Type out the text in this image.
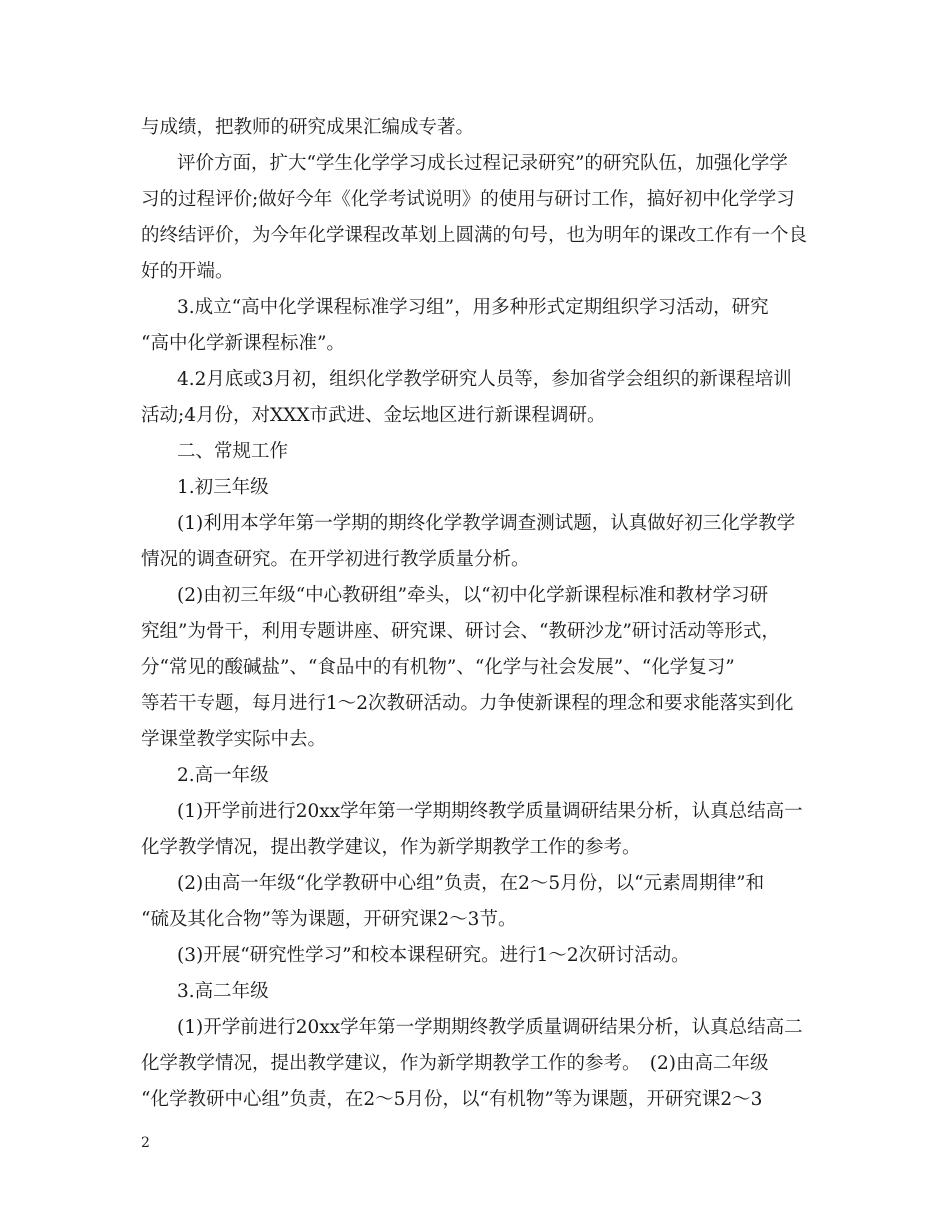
与成绩，把教师的研究成果汇编成专著。
评价方面，扩大“学生化学学习成长过程记录研究”的研究队伍，加强化学学
习的过程评价;做好今年《化学考试说明》的使用与研讨工作，搞好初中化学学习
的终结评价，为今年化学课程改革划上圆满的句号，也为明年的课改工作有一个良
好的开端。
3.成立“高中化学课程标准学习组”，用多种形式定期组织学习活动，研究
“高中化学新课程标准”。
4.2月底或3月初，组织化学教学研究人员等，参加省学会组织的新课程培训
活动;4月份，对XXX市武进、金坛地区进行新课程调研。
二、常规工作
1.初三年级
(1)利用本学年第一学期的期终化学教学调查测试题，认真做好初三化学教学
情况的调查研究。在开学初进行教学质量分析。
(2)由初三年级“中心教研组”牵头，以“初中化学新课程标准和教材学习研
究组”为骨干，利用专题讲座、研究课、研讨会、“教研沙龙”研讨活动等形式，
分“常见的酸碱盐”、“食品中的有机物”、“化学与社会发展”、“化学复习”
等若干专题，每月进行1～2次教研活动。力争使新课程的理念和要求能落实到化
学课堂教学实际中去。
2.高一年级
(1)开学前进行20xx学年第一学期期终教学质量调研结果分析，认真总结高一
化学教学情况，提出教学建议，作为新学期教学工作的参考。
(2)由高一年级“化学教研中心组”负责，在2～5月份，以“元素周期律”和
“硫及其化合物”等为课题，开研究课2～3节。
(3)开展“研究性学习”和校本课程研究。进行1～2次研讨活动。
3.高二年级
(1)开学前进行20xx学年第一学期期终教学质量调研结果分析，认真总结高二
化学教学情况，提出教学建议，作为新学期教学工作的参考。　(2)由高二年级
“化学教研中心组”负责，在2～5月份，以“有机物”等为课题，开研究课2～3
2
